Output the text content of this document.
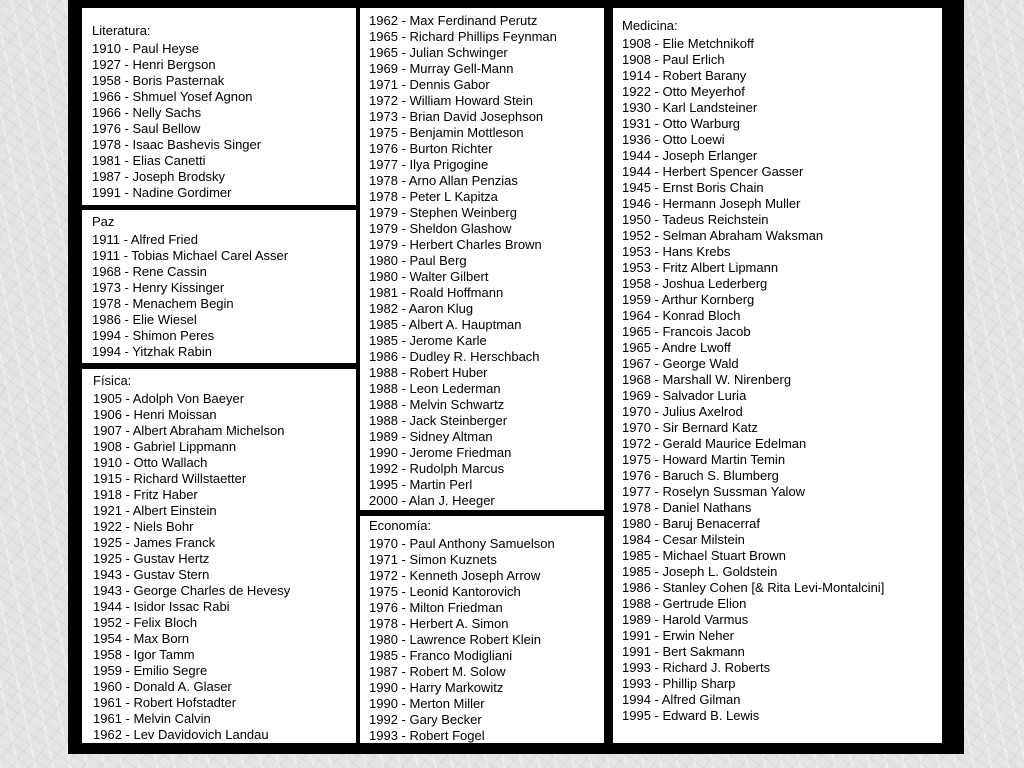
Literatura:
1910 - Paul Heyse
1927 - Henri Bergson
1958 - Boris Pasternak
1966 - Shmuel Yosef Agnon
1966 - Nelly Sachs
1976 - Saul Bellow
1978 - Isaac Bashevis Singer
1981 - Elias Canetti
1987 - Joseph Brodsky
1991 - Nadine Gordimer
Paz
1911 - Alfred Fried
1911 - Tobias Michael Carel Asser
1968 - Rene Cassin
1973 - Henry Kissinger
1978 - Menachem Begin
1986 - Elie Wiesel
1994 - Shimon Peres
1994 - Yitzhak Rabin
Física:
1905 - Adolph Von Baeyer
1906 - Henri Moissan
1907 - Albert Abraham Michelson
1908 - Gabriel Lippmann
1910 - Otto Wallach
1915 - Richard Willstaetter
1918 - Fritz Haber
1921 - Albert Einstein
1922 - Niels Bohr
1925 - James Franck
1925 - Gustav Hertz
1943 - Gustav Stern
1943 - George Charles de Hevesy
1944 - Isidor Issac Rabi
1952 - Felix Bloch
1954 - Max Born
1958 - Igor Tamm
1959 - Emilio Segre
1960 - Donald A. Glaser
1961 - Robert Hofstadter
1961 - Melvin Calvin
1962 - Lev Davidovich Landau
1962 - Max Ferdinand Perutz
1965 - Richard Phillips Feynman
1965 - Julian Schwinger
1969 - Murray Gell-Mann
1971 - Dennis Gabor
1972 - William Howard Stein
1973 - Brian David Josephson
1975 - Benjamin Mottleson
1976 - Burton Richter
1977 - Ilya Prigogine
1978 - Arno Allan Penzias
1978 - Peter L Kapitza
1979 - Stephen Weinberg
1979 - Sheldon Glashow
1979 - Herbert Charles Brown
1980 - Paul Berg
1980 - Walter Gilbert
1981 - Roald Hoffmann
1982 - Aaron Klug
1985 - Albert A. Hauptman
1985 - Jerome Karle
1986 - Dudley R. Herschbach
1988 - Robert Huber
1988 - Leon Lederman
1988 - Melvin Schwartz
1988 - Jack Steinberger
1989 - Sidney Altman
1990 - Jerome Friedman
1992 - Rudolph Marcus
1995 - Martin Perl
2000 - Alan J. Heeger
Economía:
1970 - Paul Anthony Samuelson
1971 - Simon Kuznets
1972 - Kenneth Joseph Arrow
1975 - Leonid Kantorovich
1976 - Milton Friedman
1978 - Herbert A. Simon
1980 - Lawrence Robert Klein
1985 - Franco Modigliani
1987 - Robert M. Solow
1990 - Harry Markowitz
1990 - Merton Miller
1992 - Gary Becker
1993 - Robert Fogel
Medicina:
1908 - Elie Metchnikoff
1908 - Paul Erlich
1914 - Robert Barany
1922 - Otto Meyerhof
1930 - Karl Landsteiner
1931 - Otto Warburg
1936 - Otto Loewi
1944 - Joseph Erlanger
1944 - Herbert Spencer Gasser
1945 - Ernst Boris Chain
1946 - Hermann Joseph Muller
1950 - Tadeus Reichstein
1952 - Selman Abraham Waksman
1953 - Hans Krebs
1953 - Fritz Albert Lipmann
1958 - Joshua Lederberg
1959 - Arthur Kornberg
1964 - Konrad Bloch
1965 - Francois Jacob
1965 - Andre Lwoff
1967 - George Wald
1968 - Marshall W. Nirenberg
1969 - Salvador Luria
1970 - Julius Axelrod
1970 - Sir Bernard Katz
1972 - Gerald Maurice Edelman
1975 - Howard Martin Temin
1976 - Baruch S. Blumberg
1977 - Roselyn Sussman Yalow
1978 - Daniel Nathans
1980 - Baruj Benacerraf
1984 - Cesar Milstein
1985 - Michael Stuart Brown
1985 - Joseph L. Goldstein
1986 - Stanley Cohen [& Rita Levi-Montalcini]
1988 - Gertrude Elion
1989 - Harold Varmus
1991 - Erwin Neher
1991 - Bert Sakmann
1993 - Richard J. Roberts
1993 - Phillip Sharp
1994 - Alfred Gilman
1995 - Edward B. Lewis
